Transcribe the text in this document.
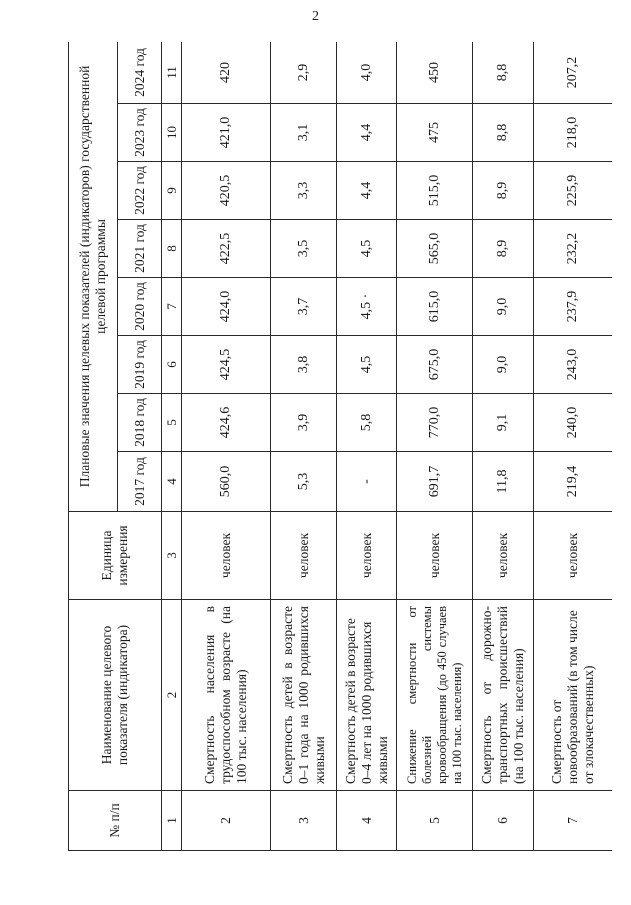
2
№ п/п	Наименование целевого показателя (индикатора)	Единица измерения	Плановые значения целевых показателей (индикаторов) государственной целевой программы							
			2017 год	2018 год	2019 год	2020 год	2021 год	2022 год	2023 год	2024 год
1	2	3	4	5	6	7	8	9	10	11
2	Смертность населения в трудоспособном возрасте (на 100 тыс. населения)	человек	560,0	424,6	424,5	424,0	422,5	420,5	421,0	420
3	Смертность детей в возрасте 0–1 года на 1000 родившихся живыми	человек	5,3	3,9	3,8	3,7	3,5	3,3	3,1	2,9
4	Смертность детей в возрасте 0–4 лет на 1000 родившихся живыми	человек	-	5,8	4,5	4,5 ·	4,5	4,4	4,4	4,0
5	Снижение смертности от болезней системы кровообращения (до 450 случаев на 100 тыс. населения)	человек	691,7	770,0	675,0	615,0	565,0	515,0	475	450
6	Смертность от дорожно-транспортных происшествий (на 100 тыс. населения)	человек	11,8	9,1	9,0	9,0	8,9	8,9	8,8	8,8
7	Смертность от новообразований (в том числе от злокачественных)	человек	219,4	240,0	243,0	237,9	232,2	225,9	218,0	207,2
